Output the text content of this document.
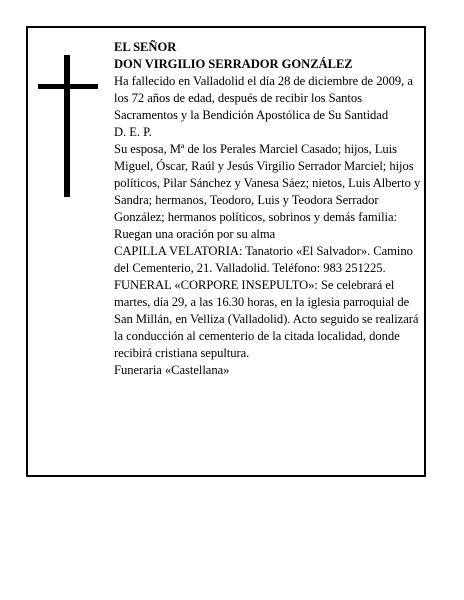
EL SEÑOR

DON VIRGILIO SERRADOR GONZÁLEZ

Ha fallecido en Valladolid el día 28 de diciembre de 2009, a los 72 años de edad, después de recibir los Santos Sacramentos y la Bendición Apostólica de Su Santidad

D. E. P.

Su esposa, Mª de los Perales Marciel Casado; hijos, Luis Miguel, Óscar, Raúl y Jesús Virgilio Serrador Marciel; hijos políticos, Pilar Sánchez y Vanesa Sáez; nietos, Luis Alberto y Sandra; hermanos, Teodoro, Luis y Teodora Serrador González; hermanos políticos, sobrinos y demás familia:

Ruegan una oración por su alma

CAPILLA VELATORIA: Tanatorio «El Salvador». Camino del Cementerio, 21. Valladolid. Teléfono: 983 251225.

FUNERAL «CORPORE INSEPULTO»: Se celebrará el martes, día 29, a las 16.30 horas, en la iglesia parroquial de San Millán, en Velliza (Valladolid). Acto seguido se realizará la conducción al cementerio de la citada localidad, donde recibirá cristiana sepultura.

Funeraria «Castellana»
